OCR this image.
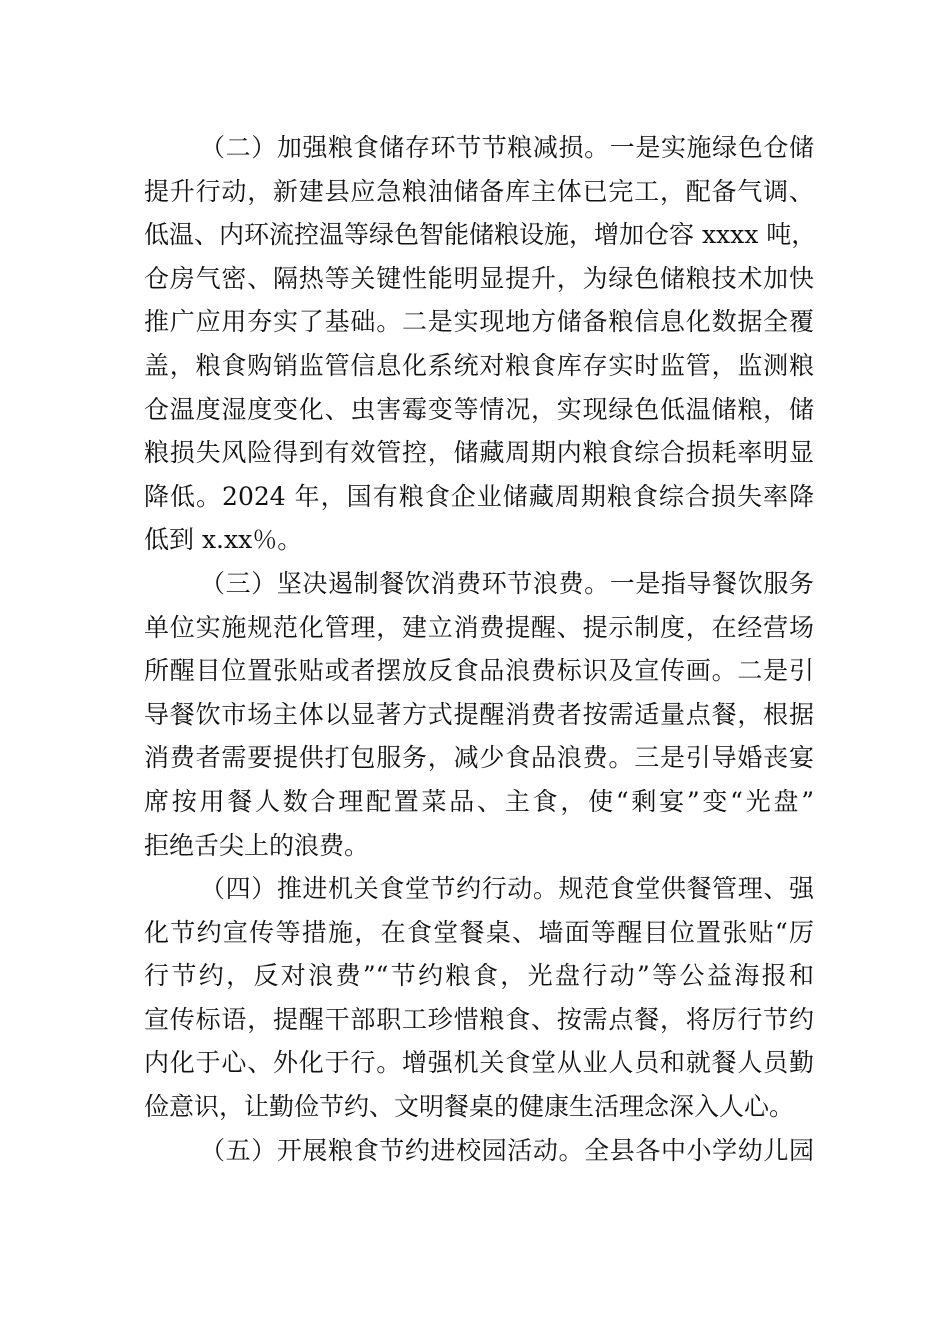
（二）加强粮食储存环节节粮减损。一是实施绿色仓储
提升行动，新建县应急粮油储备库主体已完工，配备气调、
低温、内环流控温等绿色智能储粮设施，增加仓容 xxxx 吨，
仓房气密、隔热等关键性能明显提升，为绿色储粮技术加快
推广应用夯实了基础。二是实现地方储备粮信息化数据全覆
盖，粮食购销监管信息化系统对粮食库存实时监管，监测粮
仓温度湿度变化、虫害霉变等情况，实现绿色低温储粮，储
粮损失风险得到有效管控，储藏周期内粮食综合损耗率明显
降低。2024 年，国有粮食企业储藏周期粮食综合损失率降
低到 x.xx％。
（三）坚决遏制餐饮消费环节浪费。一是指导餐饮服务
单位实施规范化管理，建立消费提醒、提示制度，在经营场
所醒目位置张贴或者摆放反食品浪费标识及宣传画。二是引
导餐饮市场主体以显著方式提醒消费者按需适量点餐，根据
消费者需要提供打包服务，减少食品浪费。三是引导婚丧宴
席按用餐人数合理配置菜品、主食，使“剩宴”变“光盘”
拒绝舌尖上的浪费。
（四）推进机关食堂节约行动。规范食堂供餐管理、强
化节约宣传等措施，在食堂餐桌、墙面等醒目位置张贴“厉
行节约，反对浪费”“节约粮食，光盘行动”等公益海报和
宣传标语，提醒干部职工珍惜粮食、按需点餐，将厉行节约
内化于心、外化于行。增强机关食堂从业人员和就餐人员勤
俭意识，让勤俭节约、文明餐桌的健康生活理念深入人心。
（五）开展粮食节约进校园活动。全县各中小学幼儿园
